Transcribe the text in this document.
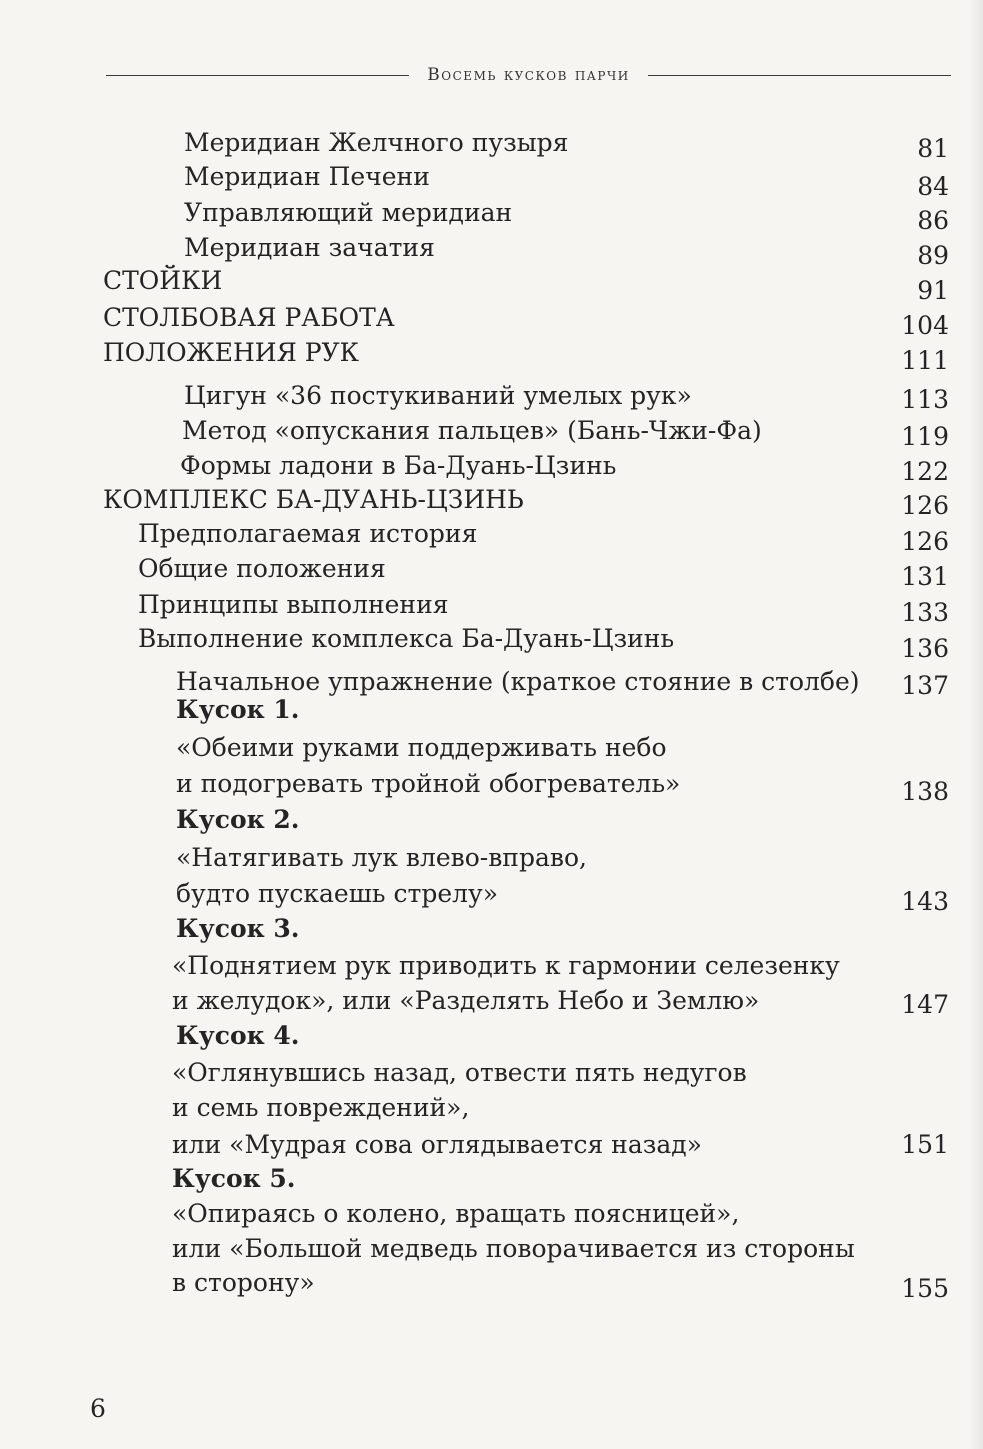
Восемь кусков парчи
Меридиан Желчного пузыря	81
Меридиан Печени	84
Управляющий меридиан	86
Меридиан зачатия	89
СТОЙКИ	91
СТОЛБОВАЯ РАБОТА	104
ПОЛОЖЕНИЯ РУК	111
Цигун «36 постукиваний умелых рук»	113
Метод «опускания пальцев» (Бань-Чжи-Фа)	119
Формы ладони в Ба-Дуань-Цзинь	122
КОМПЛЕКС БА-ДУАНЬ-ЦЗИНЬ	126
Предполагаемая история	126
Общие положения	131
Принципы выполнения	133
Выполнение комплекса Ба-Дуань-Цзинь	136
Начальное упражнение (краткое стояние в столбе) 137
Кусок 1.
«Обеими руками поддерживать небо
и подогревать тройной обогреватель»	138
Кусок 2.
«Натягивать лук влево-вправо,
будто пускаешь стрелу»	143
Кусок 3.
«Поднятием рук приводить к гармонии селезенку
и желудок», или «Разделять Небо и Землю»	147
Кусок 4.
«Оглянувшись назад, отвести пять недугов
и семь повреждений»,
или «Мудрая сова оглядывается назад»	151
Кусок 5.
«Опираясь о колено, вращать поясницей»,
или «Большой медведь поворачивается из стороны
в сторону»	155
6
